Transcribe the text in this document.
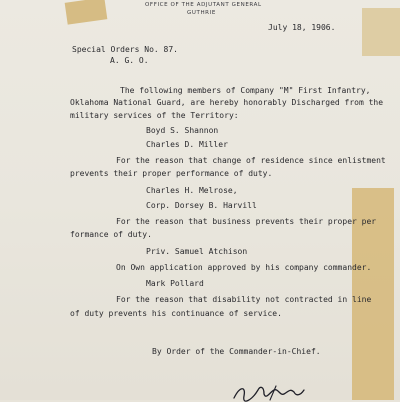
OFFICE OF THE ADJUTANT GENERAL
GUTHRIE
July 18, 1906.
Special Orders No. 87.
A. G. O.
The following members of Company "M" First Infantry,
Oklahoma National Guard, are hereby honorably Discharged from the
military services of the Territory:
Boyd S. Shannon
Charles D. Miller
For the reason that change of residence since enlistment
prevents their proper performance of duty.
Charles H. Melrose,
Corp. Dorsey B. Harvill
For the reason that business prevents their proper per
formance of duty.
Priv. Samuel Atchison
On Own application approved by his company commander.
Mark Pollard
For the reason that disability not contracted in line
of duty prevents his continuance of service.
By Order of the Commander-in-Chief.
